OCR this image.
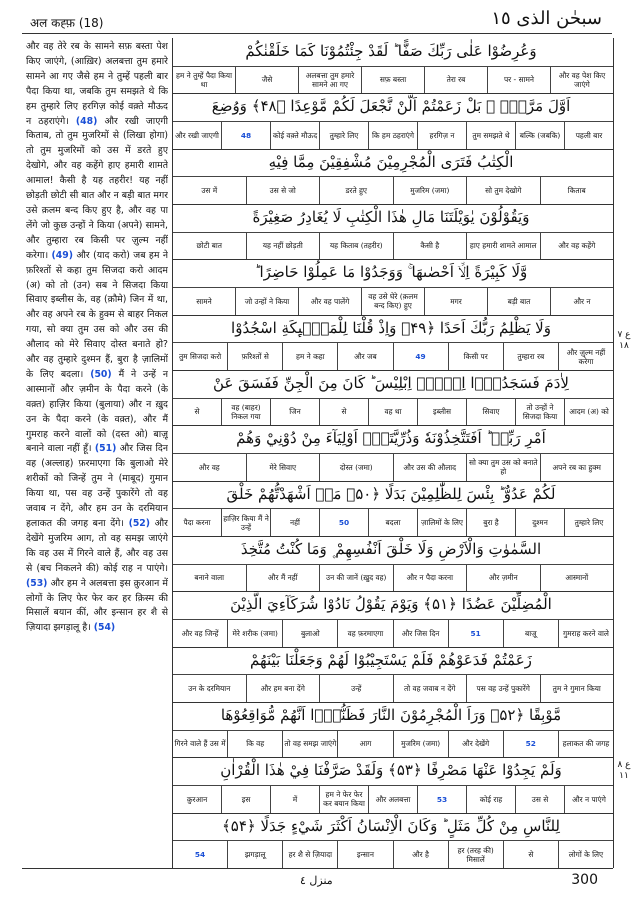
अल कह्फ़ (18)	سبحٰن الذی ١٥
और वह तेरे रब के सामने सफ़ बस्ता पेश किए जाएंगे, (आख़िर) अलबत्ता तुम हमारे सामने आ गए जैसे हम ने तुम्हें पहली बार पैदा किया था, जबकि तुम समझते थे कि हम तुम्हारे लिए हरगिज़ कोई वक़्ते मौऊद न ठहराएंगे। (48) और रखी जाएगी किताब, तो तुम मुजरिमों से (लिखा होगा) तो तुम मुजरिमों को उस में डरते हुए देखोगे, और वह कहेंगे हाए हमारी शामते आमाल! कैसी है यह तहरीर! यह नहीं छोड़ती छोटी सी बात और न बड़ी बात मगर उसे क़लम बन्द किए हुए है, और वह पा लेंगे जो कुछ उन्हों ने किया (अपने) सामने, और तुम्हारा रब किसी पर ज़ुल्म नहीं करेगा। (49) और (याद करो) जब हम ने फ़रिश्तों से कहा तुम सिजदा करो आदम (अ) को तो (उन) सब ने सिजदा किया सिवाए इब्लीस के, वह (क़ौमे) जिन में था, और वह अपने रब के हुक्म से बाहर निकल गया, सो क्या तुम उस को और उस की औलाद को मेरे सिवाए दोस्त बनाते हो? और वह तुम्हारे दुश्मन हैं, बुरा है ज़ालिमों के लिए बदला। (50) मैं ने उन्हें न आस्मानों और ज़मीन के पैदा करने (के वक़्त) हाज़िर किया (बुलाया) और न ख़ुद उन के पैदा करने (के वक़्त), और मैं गुमराह करने वालों को (दस्त ओ) बाज़ू बनाने वाला नहीं हूँ। (51) और जिस दिन वह (अल्लाह) फ़रमाएगा कि बुलाओ मेरे शरीकों को जिन्हें तुम ने (माबूद) गुमान किया था, पस वह उन्हें पुकारेंगे तो वह जवाब न देंगे, और हम उन के दरमियान हलाकत की जगह बना देंगे। (52) और देखेंगे मुजरिम आग, तो वह समझ जाएंगे कि वह उस में गिरने वाले हैं, और वह उस से (बच निकलने की) कोई राह न पाएंगे। (53) और हम ने अलबत्ता इस क़ुरआन में लोगों के लिए फेर फेर कर हर क़िस्म की मिसालें बयान कीं, और इन्सान हर शै से ज़ियादा झगड़ालू है। (54)
وَعُرِضُوْا عَلٰى رَبِّكَ صَفًّا ؕ لَقَدْ جِئْتُمُوْنَا كَمَا خَلَقْنٰكُمْ
और वह पेश किए जाएंगे
पर - सामने
तेरा रब
सफ़ बस्ता
अलबत्ता तुम हमारे सामने आ गए
जैसे
हम ने तुम्हें पैदा किया था
اَوَّلَ مَرَّةٍۢ ؗ بَلْ زَعَمْتُمْ اَلَّنْ نَّجْعَلَ لَكُمْ مَّوْعِدًا ﴿۴۸﴾ وَوُضِعَ
पहली बार
बल्कि (जबकि)
तुम समझते थे
हरगिज़ न
कि हम ठहराएंगे
तुम्हारे लिए
कोई वक़्ते मौऊद
48
और रखी जाएगी
الْكِتٰبُ فَتَرَى الْمُجْرِمِيْنَ مُشْفِقِيْنَ مِمَّا فِيْهِ
किताब
सो तुम देखोगे
मुजरिम (जमा)
डरते हुए
उस से जो
उस में
وَيَقُوْلُوْنَ يٰوَيْلَتَنَا مَالِ هٰذَا الْكِتٰبِ لَا يُغَادِرُ صَغِيْرَةً
और वह कहेंगे
हाए हमारी शामते आमाल
कैसी है
यह किताब (तहरीर)
यह नहीं छोड़ती
छोटी बात
وَّلَا كَبِيْرَةً اِلَّاۤ اَحْصٰىهَا ۚ وَوَجَدُوْا مَا عَمِلُوْا حَاضِرًا ؕ
और न
बड़ी बात
मगर
वह उसे घेरे (क़लम बन्द किए) हुए
और वह पालेंगे
जो उन्हों ने किया
सामने
وَلَا يَظْلِمُ رَبُّكَ اَحَدًا ﴿۴۹﴾ وَاِذْ قُلْنَا لِلْمَلٰۗىِٕكَةِ اسْجُدُوْا
और ज़ुल्म नहीं करेगा
तुम्हारा रब
किसी पर
49
और जब
हम ने कहा
फ़रिश्तों से
तुम सिजदा करो
لِاٰدَمَ فَسَجَدُوْۤا اِلَّاۤ اِبْلِيْسَ ؕ كَانَ مِنَ الْجِنِّ فَفَسَقَ عَنْ
आदम (अ) को
तो उन्हों ने सिजदा किया
सिवाए
इब्लीस
वह था
से
जिन
वह (बाहर) निकल गया
से
اَمْرِ رَبِّهٖ ؕ اَفَتَتَّخِذُوْنَهٗ وَذُرِّيَّتَهٗۤ اَوْلِيَآءَ مِنْ دُوْنِيْ وَهُمْ
अपने रब का हुक्म
सो क्या तुम उस को बनाते हो
और उस की औलाद
दोस्त (जमा)
मेरे सिवाए
और वह
لَكُمْ عَدُوٌّ ؕ بِئْسَ لِلظّٰلِمِيْنَ بَدَلًا ﴿۵۰﴾ مَاۤ اَشْهَدْتُّهُمْ خَلْقَ
तुम्हारे लिए
दुश्मन
बुरा है
ज़ालिमों के लिए
बदला
50
नहीं
हाज़िर किया मैं ने उन्हें
पैदा करना
السَّمٰوٰتِ وَالْاَرْضِ وَلَا خَلْقَ اَنْفُسِهِمْ ۪ وَمَا كُنْتُ مُتَّخِذَ
आस्मानों
और ज़मीन
और न पैदा करना
उन की जानें (ख़ुद वह)
और मैं नहीं
बनाने वाला
الْمُضِلِّيْنَ عَضُدًا ﴿۵۱﴾ وَيَوْمَ يَقُوْلُ نَادُوْا شُرَكَآءِيَ الَّذِيْنَ
गुमराह करने वाले
बाज़ू
51
और जिस दिन
वह फ़रमाएगा
बुलाओ
मेरे शरीक (जमा)
और वह जिन्हें
زَعَمْتُمْ فَدَعَوْهُمْ فَلَمْ يَسْتَجِيْبُوْا لَهُمْ وَجَعَلْنَا بَيْنَهُمْ
तुम ने गुमान किया
पस वह उन्हें पुकारेंगे
तो वह जवाब न देंगे
उन्हें
और हम बना देंगे
उन के दरमियान
مَّوْبِقًا ﴿۵۲﴾ وَرَاَ الْمُجْرِمُوْنَ النَّارَ فَظَنُّوْۤا اَنَّهُمْ مُّوَاقِعُوْهَا
हलाकत की जगह
52
और देखेंगे
मुजरिम (जमा)
आग
तो वह समझ जाएंगे
कि वह
गिरने वाले हैं उस में
وَلَمْ يَجِدُوْا عَنْهَا مَصْرِفًا ﴿۵۳﴾ وَلَقَدْ صَرَّفْنَا فِيْ هٰذَا الْقُرْاٰنِ
और न पाएंगे
उस से
कोई राह
53
और अलबत्ता
हम ने फेर फेर कर बयान किया
में
इस
क़ुरआन
لِلنَّاسِ مِنْ كُلِّ مَثَلٍ ؕ وَكَانَ الْاِنْسَانُ اَكْثَرَ شَيْءٍ جَدَلًا ﴿۵۴﴾
लोगों के लिए
से
हर (तरह की) मिसालें
और है
इन्सान
हर शै से ज़ियादा
झगड़ालू
54
ع ٧
١٨
ع ٨
١١
منزل ٤	300
